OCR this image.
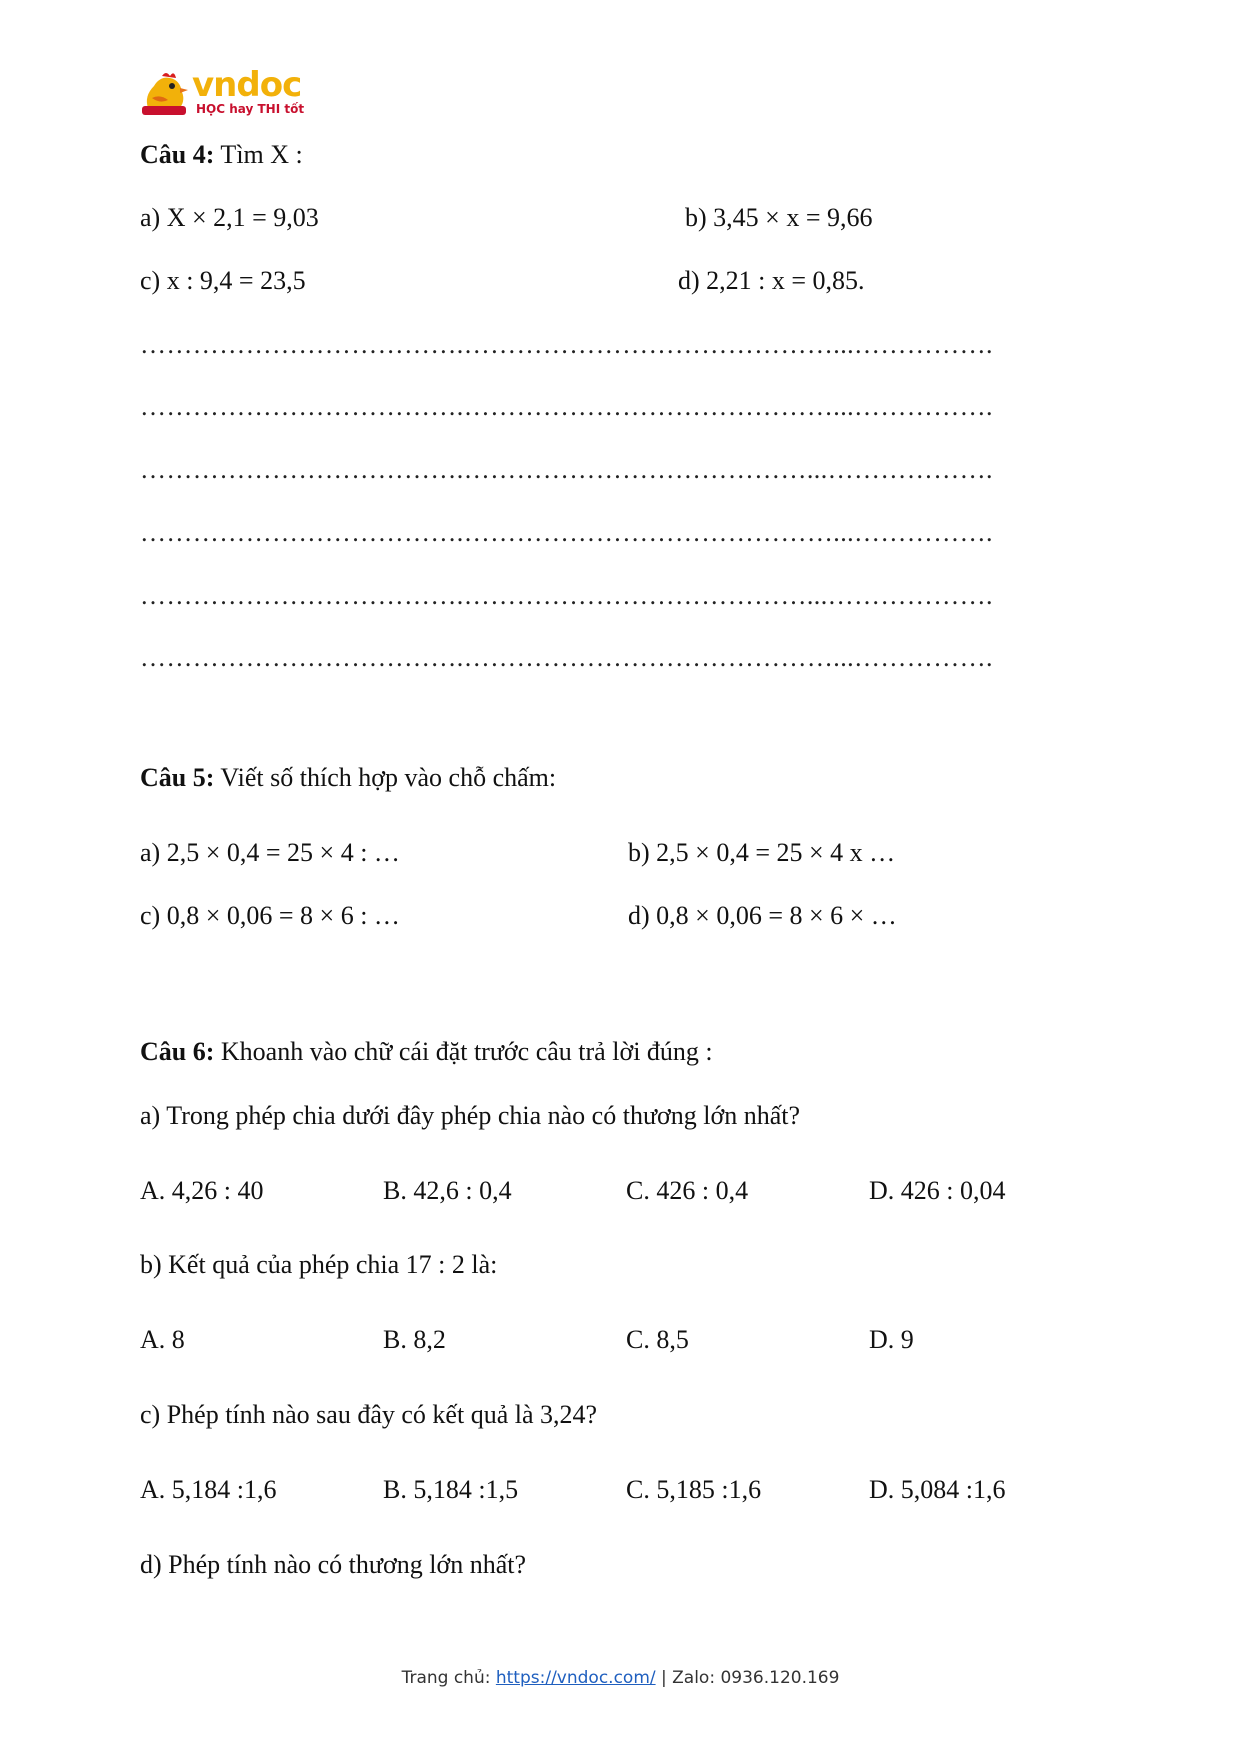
vndoc
HỌC hay THI tốt
Câu 4: Tìm X :
a) X × 2,1 = 9,03	b) 3,45 × x = 9,66
c) x : 9,4 = 23,5	d) 2,21 : x = 0,85.
……………………………….……………………………………...…………….
……………………………….……………………………………...…………….
……………………………….…………………………………...……………….
……………………………….……………………………………...…………….
……………………………….…………………………………...……………….
……………………………….……………………………………...…………….
Câu 5: Viết số thích hợp vào chỗ chấm:
a) 2,5 × 0,4 = 25 × 4 : …	b) 2,5 × 0,4 = 25 × 4 x …
c) 0,8 × 0,06 = 8 × 6 : …	d) 0,8 × 0,06 = 8 × 6 × …
Câu 6: Khoanh vào chữ cái đặt trước câu trả lời đúng :
a) Trong phép chia dưới đây phép chia nào có thương lớn nhất?
A. 4,26 : 40	B. 42,6 : 0,4	C. 426 : 0,4	D. 426 : 0,04
b) Kết quả của phép chia 17 : 2 là:
A. 8	B. 8,2	C. 8,5	D. 9
c) Phép tính nào sau đây có kết quả là 3,24?
A. 5,184 :1,6	B. 5,184 :1,5	C. 5,185 :1,6	D. 5,084 :1,6
d) Phép tính nào có thương lớn nhất?
Trang chủ: https://vndoc.com/ | Zalo: 0936.120.169
